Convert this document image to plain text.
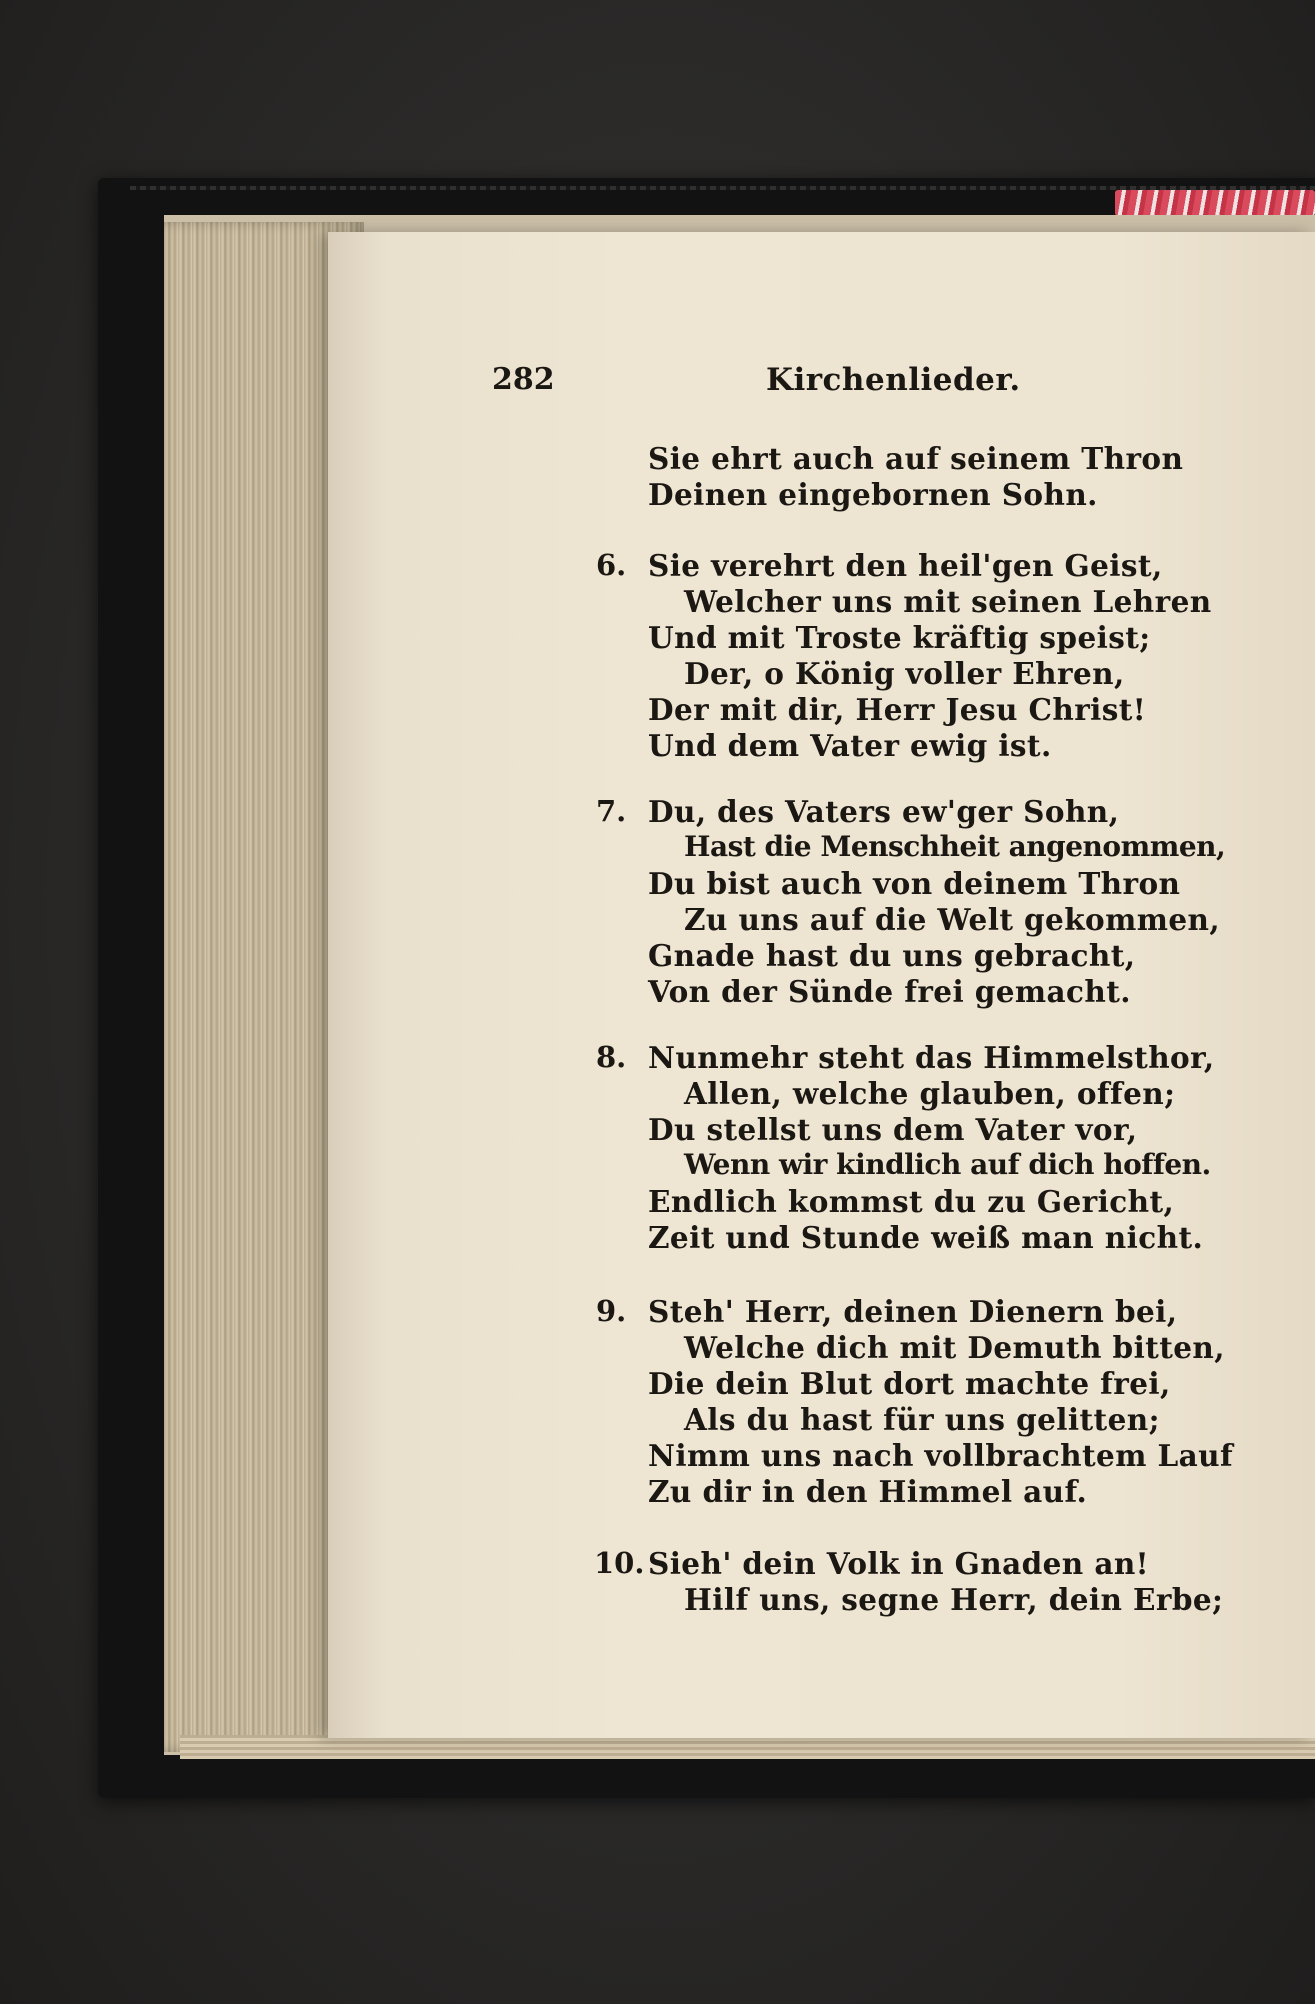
282	Kirchenlieder.
Sie ehrt auch auf seinem Thron
Deinen eingebornen Sohn.
6. Sie verehrt den heil'gen Geist,
Welcher uns mit seinen Lehren
Und mit Troste kräftig speist;
Der, o König voller Ehren,
Der mit dir, Herr Jesu Christ!
Und dem Vater ewig ist.
7. Du, des Vaters ew'ger Sohn,
Hast die Menschheit angenommen,
Du bist auch von deinem Thron
Zu uns auf die Welt gekommen,
Gnade hast du uns gebracht,
Von der Sünde frei gemacht.
8. Nunmehr steht das Himmelsthor,
Allen, welche glauben, offen;
Du stellst uns dem Vater vor,
Wenn wir kindlich auf dich hoffen.
Endlich kommst du zu Gericht,
Zeit und Stunde weiß man nicht.
9. Steh' Herr, deinen Dienern bei,
Welche dich mit Demuth bitten,
Die dein Blut dort machte frei,
Als du hast für uns gelitten;
Nimm uns nach vollbrachtem Lauf
Zu dir in den Himmel auf.
10. Sieh' dein Volk in Gnaden an!
Hilf uns, segne Herr, dein Erbe;
